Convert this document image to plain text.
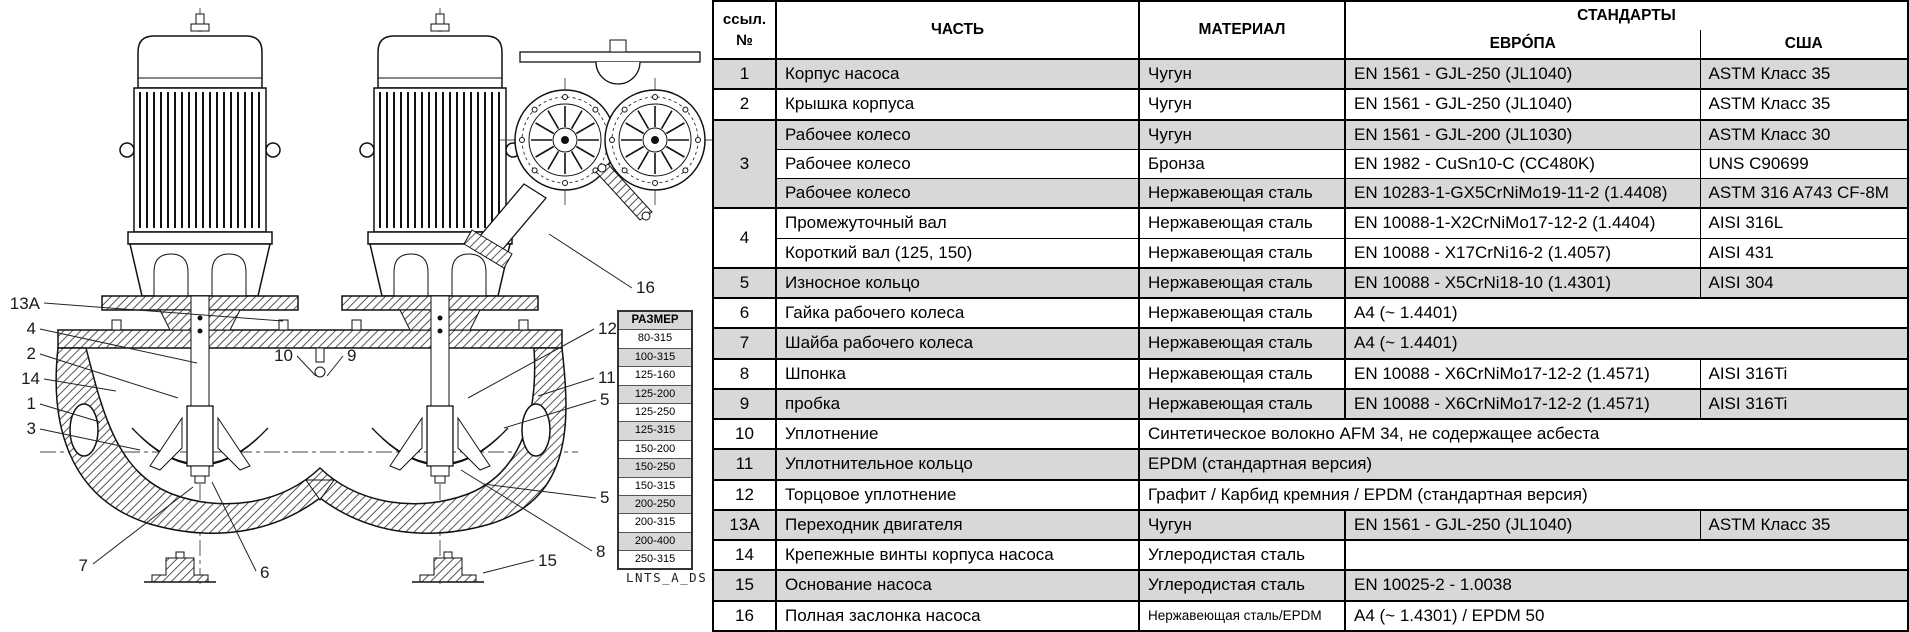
13A
4
2
14
1
3
10	9
7	6
12
11
5
5
8
15
16
РАЗМЕР
80-315
100-315
125-160
125-200
125-250
125-315
150-200
150-250
150-315
200-250
200-315
200-400
250-315
LNTS_A_DS
ссыл.
№	ЧАСТЬ	МАТЕРИАЛ	СТАНДАРТЫ	
			ЕВРÓПА	США
1	Корпус насоса	Чугун	EN 1561 - GJL-250 (JL1040)	ASTM Класс 35
2	Крышка корпуса	Чугун	EN 1561 - GJL-250 (JL1040)	ASTM Класс 35
3	Рабочее колесо	Чугун	EN 1561 - GJL-200 (JL1030)	ASTM Класс 30
	Рабочее колесо	Бронза	EN 1982 - CuSn10-C (CC480K)	UNS C90699
	Рабочее колесо	Нержавеющая сталь	EN 10283-1-GX5CrNiMo19-11-2 (1.4408)	ASTM 316 A743 CF-8M
4	Промежуточный вал	Нержавеющая сталь	EN 10088-1-X2CrNiMo17-12-2 (1.4404)	AISI 316L
	Короткий вал (125, 150)	Нержавеющая сталь	EN 10088 - X17CrNi16-2 (1.4057)	AISI 431
5	Износное кольцо	Нержавеющая сталь	EN 10088 - X5CrNi18-10 (1.4301)	AISI 304
6	Гайка рабочего колеса	Нержавеющая сталь	A4 (~ 1.4401)	
7	Шайба рабочего колеса	Нержавеющая сталь	A4 (~ 1.4401)	
8	Шпонка	Нержавеющая сталь	EN 10088 - X6CrNiMo17-12-2 (1.4571)	AISI 316Ti
9	пробка	Нержавеющая сталь	EN 10088 - X6CrNiMo17-12-2 (1.4571)	AISI 316Ti
10	Уплотнение	Синтетическое волокно AFM 34, не содержащее асбеста		
11	Уплотнительное кольцо	EPDM (стандартная версия)		
12	Торцовое уплотнение	Графит / Карбид кремния / EPDM (стандартная версия)		
13A	Переходник двигателя	Чугун	EN 1561 - GJL-250 (JL1040)	ASTM Класс 35
14	Крепежные винты корпуса насоса	Углеродистая сталь		
15	Основание насоса	Углеродистая сталь	EN 10025-2 - 1.0038	
16	Полная заслонка насоса	Нержавеющая сталь/EPDM	A4 (~ 1.4301) / EPDM 50	
